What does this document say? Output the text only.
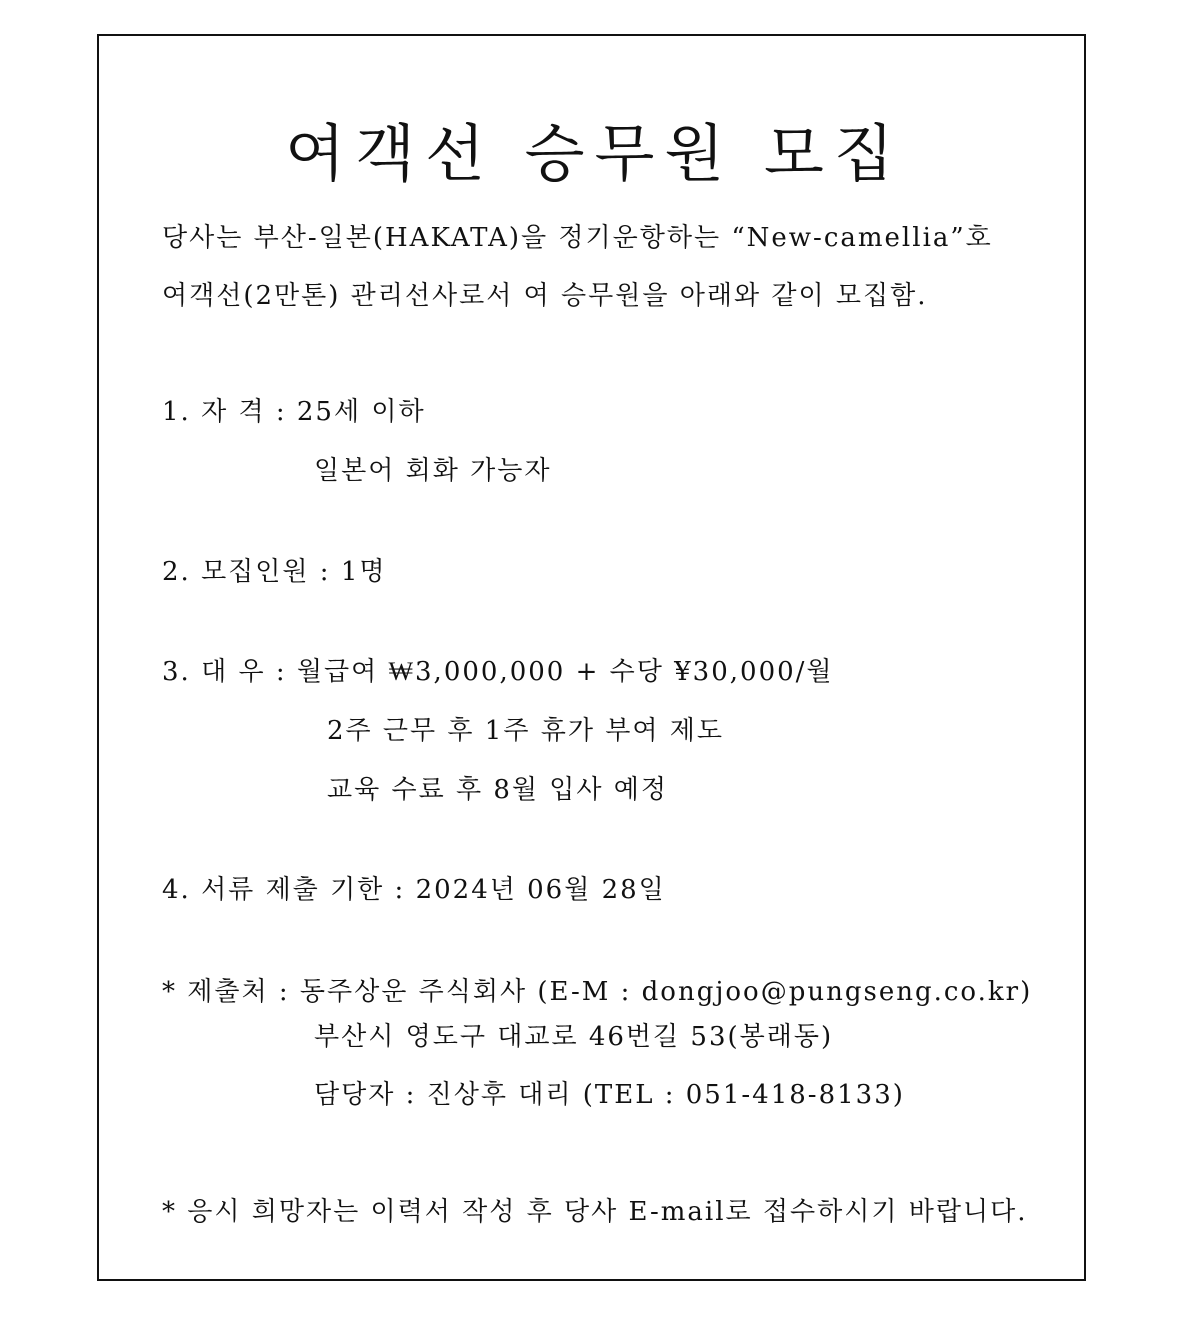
여객선 승무원 모집
당사는 부산-일본(HAKATA)을 정기운항하는 “New-camellia”호
여객선(2만톤) 관리선사로서 여 승무원을 아래와 같이 모집함.
1. 자 격 : 25세 이하
일본어 회화 가능자
2. 모집인원 : 1명
3. 대 우 : 월급여 ₩3,000,000 + 수당 ¥30,000/월
2주 근무 후 1주 휴가 부여 제도
교육 수료 후 8월 입사 예정
4. 서류 제출 기한 : 2024년 06월 28일
* 제출처 : 동주상운 주식회사 (E-M : dongjoo@pungseng.co.kr)
부산시 영도구 대교로 46번길 53(봉래동)
담당자 : 진상후 대리 (TEL : 051-418-8133)
* 응시 희망자는 이력서 작성 후 당사 E-mail로 접수하시기 바랍니다.
